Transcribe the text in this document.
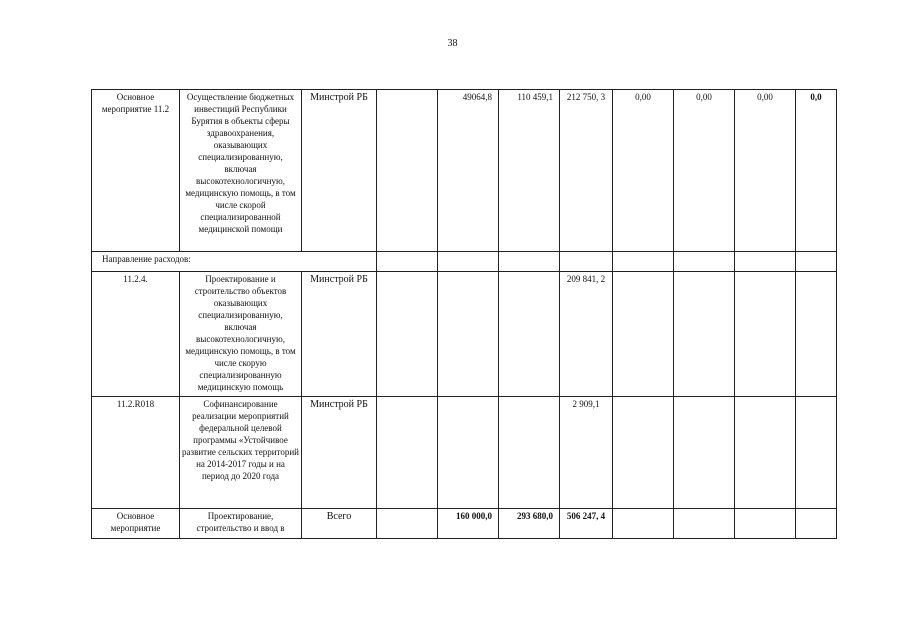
38
Основное мероприятие 11.2	Осуществление бюджетных инвестиций Республики Бурятия в объекты сферы здравоохранения, оказывающих специализированную, включая высокотехнологичную, медицинскую помощь, в том числе скорой специализированной медицинской помощи	Минстрой РБ		49064,8	110 459,1	212 750, 3	0,00	0,00	0,00	0,0
Направление расходов:										
11.2.4.	Проектирование и строительство объектов оказывающих специализированную, включая высокотехнологичную, медицинскую помощь, в том числе скорую специализированную медицинскую помощь	Минстрой РБ				209 841, 2				
11.2.R018	Софинансирование реализации мероприятий федеральной целевой программы «Устойчивое развитие сельских территорий на 2014-2017 годы и на период до 2020 года	Минстрой РБ				2 909,1				
Основное мероприятие	Проектирование, строительство и ввод в	Всего		160 000,0	293 680,0	506 247, 4				
